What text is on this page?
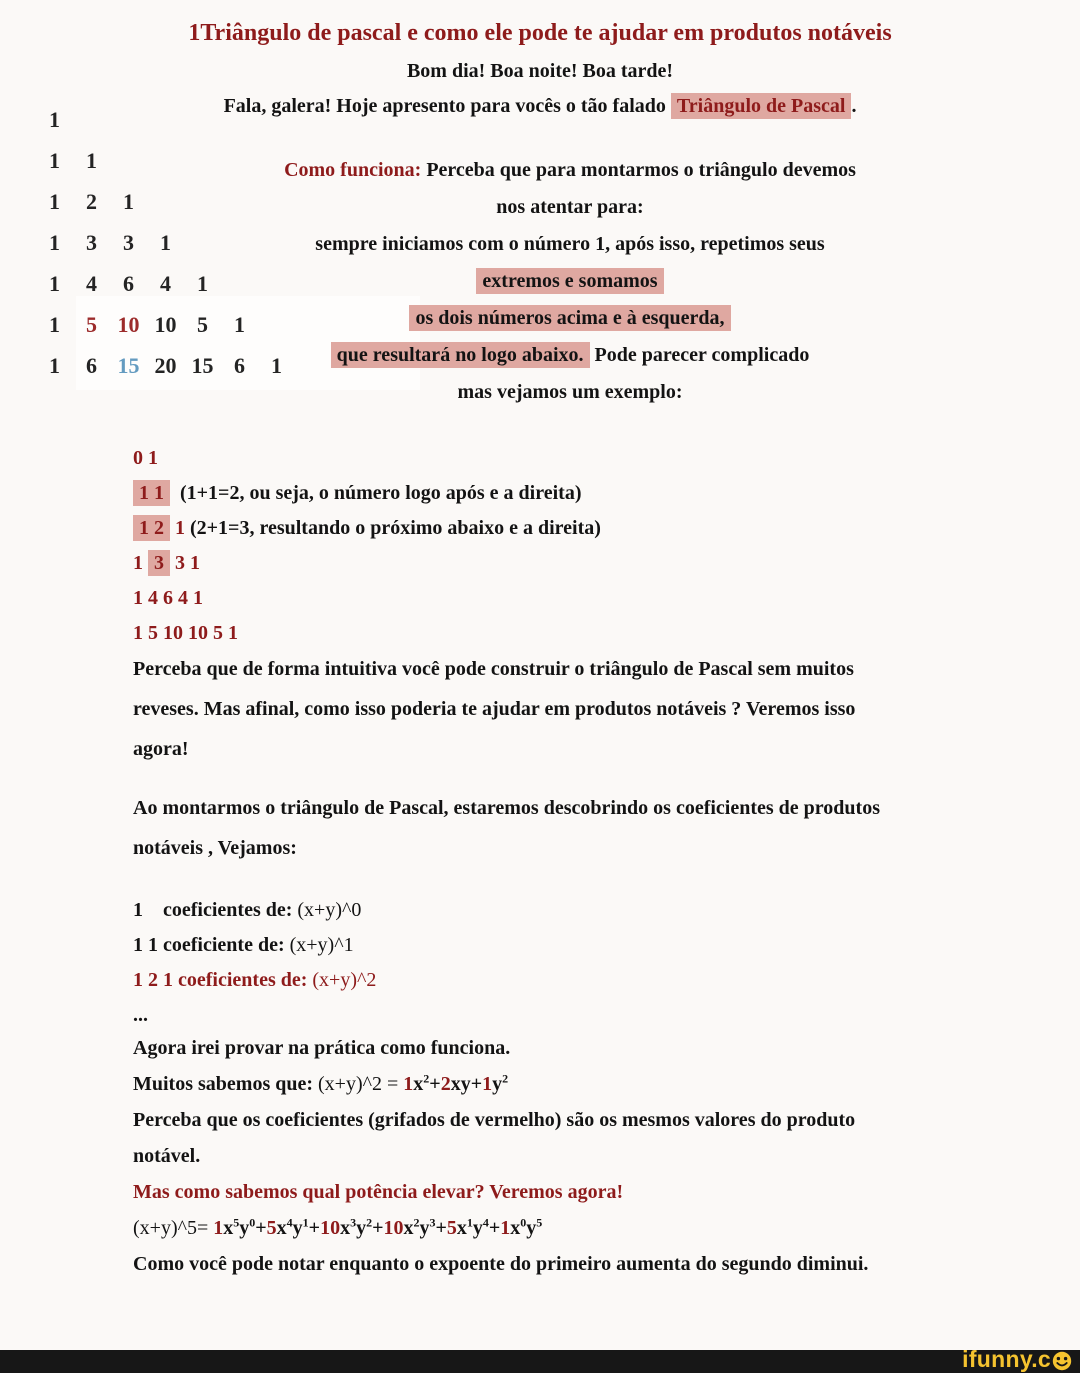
1Triângulo de pascal e como ele pode te ajudar em produtos notáveis
Bom dia! Boa noite! Boa tarde!
Fala, galera! Hoje apresento para vocês o tão falado Triângulo de Pascal .
1
1	1
1	2	1
1	3	3	1
1	4	6	4	1
1	5 10 10 5	1
1	6 15 20 15 6	1
Como funciona: Perceba que para montarmos o triângulo devemos
nos atentar para:
sempre iniciamos com o número 1, após isso, repetimos seus
extremos e somamos
os dois números acima e à esquerda,
que resultará no logo abaixo. Pode parecer complicado
mas vejamos um exemplo:
0 1
1 1  (1+1=2, ou seja, o número logo após e a direita)
1 2 1 (2+1=3, resultando o próximo abaixo e a direita)
1 3 3 1
1 4 6 4 1
1 5 10 10 5 1
Perceba que de forma intuitiva você pode construir o triângulo de Pascal sem muitos
reveses. Mas afinal, como isso poderia te ajudar em produtos notáveis ? Veremos isso
agora!
Ao montarmos o triângulo de Pascal, estaremos descobrindo os coeficientes de produtos
notáveis , Vejamos:
1    coeficientes de: (x+y)^0
1 1 coeficiente de: (x+y)^1
1 2 1 coeficientes de: (x+y)^2
...
Agora irei provar na prática como funciona.
Muitos sabemos que: (x+y)^2 = $1x^2+2xy+1y^2$
Perceba que os coeficientes (grifados de vermelho) são os mesmos valores do produto
notável.
Mas como sabemos qual potência elevar? Veremos agora!
(x+y)^5= $1x^5y^0+5x^4y^1+10x^3y^2+10x^2y^3+5x^1y^4+1x^0y^5$
Como você pode notar enquanto o expoente do primeiro aumenta do segundo diminui.
ifunny.c
